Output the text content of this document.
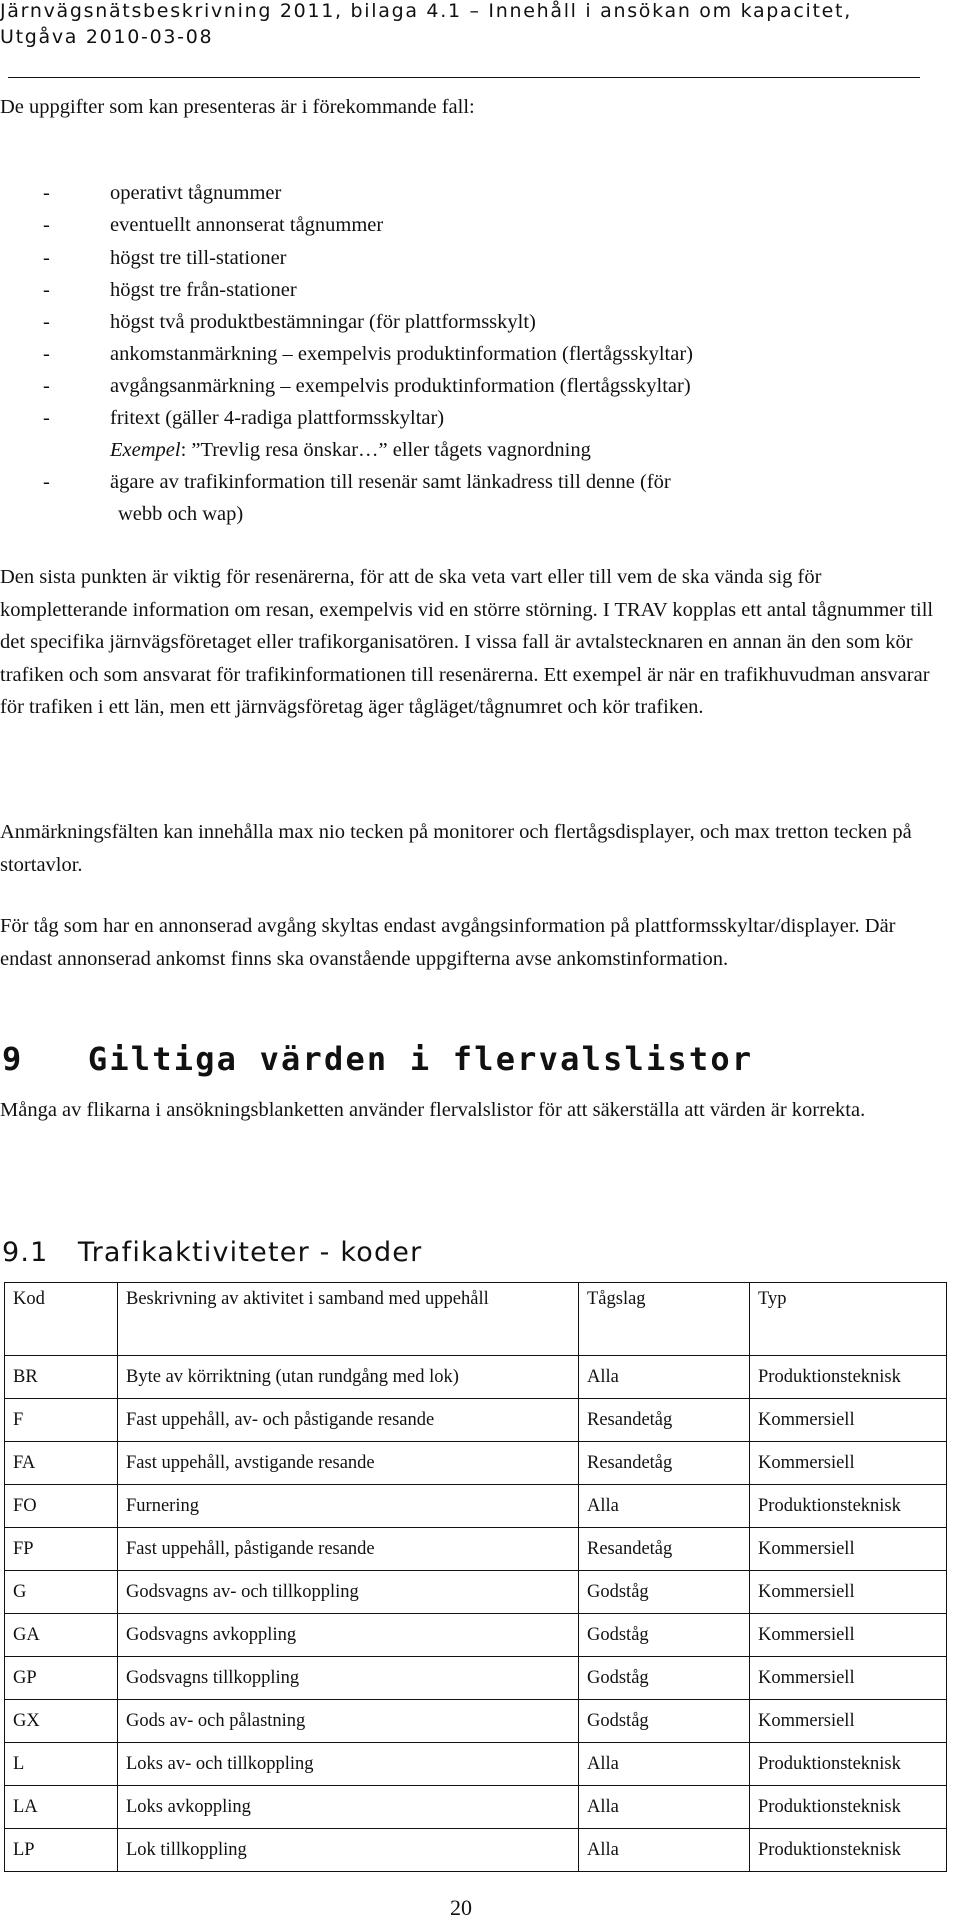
Järnvägsnätsbeskrivning 2011, bilaga 4.1 – Innehåll i ansökan om kapacitet,
Utgåva 2010-03-08
De uppgifter som kan presenteras är i förekommande fall:
-	operativt tågnummer
-	eventuellt annonserat tågnummer
-	högst tre till-stationer
-	högst tre från-stationer
-	högst två produktbestämningar (för plattformsskylt)
-	ankomstanmärkning – exempelvis produktinformation (flertågsskyltar)
-	avgångsanmärkning – exempelvis produktinformation (flertågsskyltar)
-	fritext (gäller 4-radiga plattformsskyltar)
Exempel: ”Trevlig resa önskar…” eller tågets vagnordning
-	ägare av trafikinformation till resenär samt länkadress till denne (för
webb och wap)

Den sista punkten är viktig för resenärerna, för att de ska veta vart eller till vem de ska vända sig för kompletterande information om resan, exempelvis vid en större störning. I TRAV kopplas ett antal tågnummer till det specifika järnvägsföretaget eller trafikorganisatören. I vissa fall är avtalstecknaren en annan än den som kör trafiken och som ansvarat för trafikinformationen till resenärerna. Ett exempel är när en trafikhuvudman ansvarar för trafiken i ett län, men ett järnvägsföretag äger tågläget/tågnumret och kör trafiken.

Anmärkningsfälten kan innehålla max nio tecken på monitorer och flertågsdisplayer, och max tretton tecken på stortavlor.

För tåg som har en annonserad avgång skyltas endast avgångsinformation på plattformsskyltar/displayer. Där endast annonserad ankomst finns ska ovanstående uppgifterna avse ankomstinformation.

9   Giltiga värden i flervalslistor

Många av flikarna i ansökningsblanketten använder flervalslistor för att säkerställa att värden är korrekta.

9.1   Trafikaktiviteter - koder
Kod	Beskrivning av aktivitet i samband med uppehåll	Tågslag	Typ
BR	Byte av körriktning (utan rundgång med lok)	Alla	Produktionsteknisk
F	Fast uppehåll, av- och påstigande resande	Resandetåg	Kommersiell
FA	Fast uppehåll, avstigande resande	Resandetåg	Kommersiell
FO	Furnering	Alla	Produktionsteknisk
FP	Fast uppehåll, påstigande resande	Resandetåg	Kommersiell
G	Godsvagns av- och tillkoppling	Godståg	Kommersiell
GA	Godsvagns avkoppling	Godståg	Kommersiell
GP	Godsvagns tillkoppling	Godståg	Kommersiell
GX	Gods av- och pålastning	Godståg	Kommersiell
L	Loks av- och tillkoppling	Alla	Produktionsteknisk
LA	Loks avkoppling	Alla	Produktionsteknisk
LP	Lok tillkoppling	Alla	Produktionsteknisk
20
